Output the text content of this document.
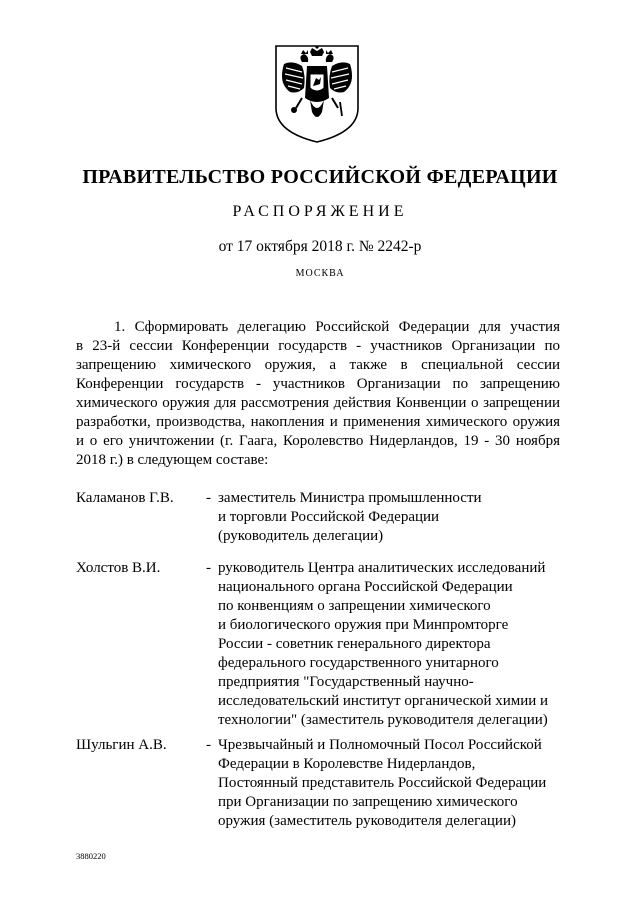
ПРАВИТЕЛЬСТВО РОССИЙСКОЙ ФЕДЕРАЦИИ
РАСПОРЯЖЕНИЕ
от 17 октября 2018 г. № 2242-р
МОСКВА
1. Сформировать делегацию Российской Федерации для участия
в 23-й сессии Конференции государств - участников Организации по
запрещению химического оружия, а также в специальной сессии
Конференции государств - участников Организации по запрещению
химического оружия для рассмотрения действия Конвенции о запрещении
разработки, производства, накопления и применения химического оружия
и о его уничтожении (г. Гаага, Королевство Нидерландов, 19 - 30 ноября
2018 г.) в следующем составе:
Каламанов Г.В. - заместитель Министра промышленности
и торговли Российской Федерации
(руководитель делегации)
Холстов В.И.	- руководитель Центра аналитических исследований
национального органа Российской Федерации
по конвенциям о запрещении химического
и биологического оружия при Минпромторге
России - советник генерального директора
федерального государственного унитарного
предприятия "Государственный научно-
исследовательский институт органической химии и
технологии" (заместитель руководителя делегации)
Шульгин А.В.	- Чрезвычайный и Полномочный Посол Российской
Федерации в Королевстве Нидерландов,
Постоянный представитель Российской Федерации
при Организации по запрещению химического
оружия (заместитель руководителя делегации)
3880220
